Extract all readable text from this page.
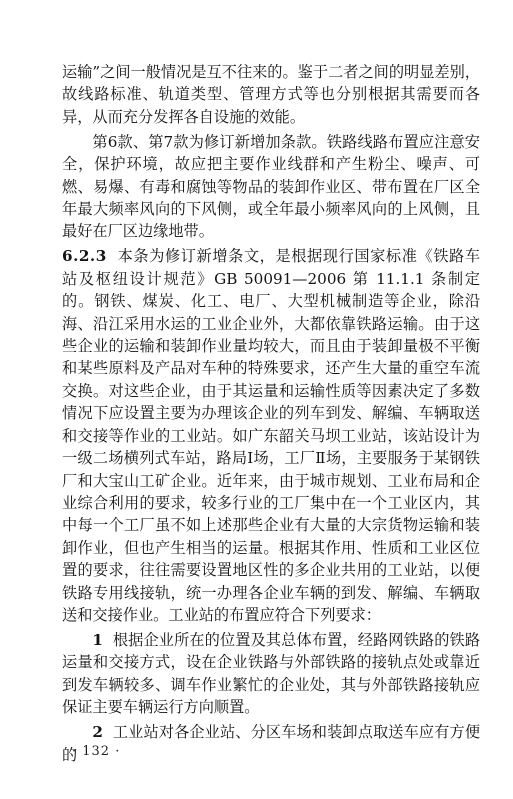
运输”之间一般情况是互不往来的。鉴于二者之间的明显差别，故线路标准、轨道类型、管理方式等也分别根据其需要而各异，从而充分发挥各自设施的效能。

第6款、第7款为修订新增加条款。铁路线路布置应注意安全，保护环境，故应把主要作业线群和产生粉尘、噪声、可燃、易爆、有毒和腐蚀等物品的装卸作业区、带布置在厂区全年最大频率风向的下风侧，或全年最小频率风向的上风侧，且最好在厂区边缘地带。

6.2.3 本条为修订新增条文，是根据现行国家标准《铁路车站及枢纽设计规范》GB 50091—2006 第 11.1.1 条制定的。钢铁、煤炭、化工、电厂、大型机械制造等企业，除沿海、沿江采用水运的工业企业外，大都依靠铁路运输。由于这些企业的运输和装卸作业量均较大，而且由于装卸量极不平衡和某些原料及产品对车种的特殊要求，还产生大量的重空车流交换。对这些企业，由于其运量和运输性质等因素决定了多数情况下应设置主要为办理该企业的列车到发、解编、车辆取送和交接等作业的工业站。如广东韶关马坝工业站，该站设计为一级二场横列式车站，路局Ⅰ场，工厂Ⅱ场，主要服务于某钢铁厂和大宝山工矿企业。近年来，由于城市规划、工业布局和企业综合利用的要求，较多行业的工厂集中在一个工业区内，其中每一个工厂虽不如上述那些企业有大量的大宗货物运输和装卸作业，但也产生相当的运量。根据其作用、性质和工业区位置的要求，往往需要设置地区性的多企业共用的工业站，以便铁路专用线接轨，统一办理各企业车辆的到发、解编、车辆取送和交接作业。工业站的布置应符合下列要求：

1 根据企业所在的位置及其总体布置，经路网铁路的铁路运量和交接方式，设在企业铁路与外部铁路的接轨点处或靠近到发车辆较多、调车作业繁忙的企业处，其与外部铁路接轨应保证主要车辆运行方向顺置。

2 工业站对各企业站、分区车场和装卸点取送车应有方便的

· 132 ·
